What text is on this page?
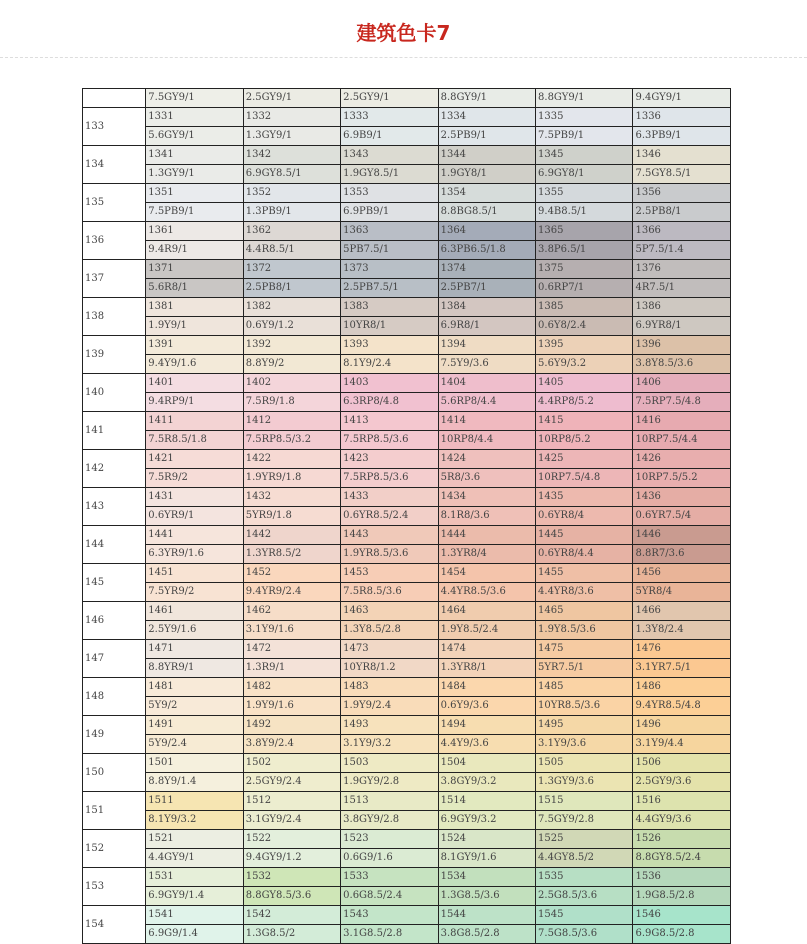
建筑色卡7
	7.5GY9/1	2.5GY9/1	2.5GY9/1	8.8GY9/1	8.8GY9/1	9.4GY9/1
133	1331	1332	1333	1334	1335	1336
	5.6GY9/1	1.3GY9/1	6.9B9/1	2.5PB9/1	7.5PB9/1	6.3PB9/1
134	1341	1342	1343	1344	1345	1346
	1.3GY9/1	6.9GY8.5/1	1.9GY8.5/1	1.9GY8/1	6.9GY8/1	7.5GY8.5/1
135	1351	1352	1353	1354	1355	1356
	7.5PB9/1	1.3PB9/1	6.9PB9/1	8.8BG8.5/1	9.4B8.5/1	2.5PB8/1
136	1361	1362	1363	1364	1365	1366
	9.4R9/1	4.4R8.5/1	5PB7.5/1	6.3PB6.5/1.8	3.8P6.5/1	5P7.5/1.4
137	1371	1372	1373	1374	1375	1376
	5.6R8/1	2.5PB8/1	2.5PB7.5/1	2.5PB7/1	0.6RP7/1	4R7.5/1
138	1381	1382	1383	1384	1385	1386
	1.9Y9/1	0.6Y9/1.2	10YR8/1	6.9R8/1	0.6Y8/2.4	6.9YR8/1
139	1391	1392	1393	1394	1395	1396
	9.4Y9/1.6	8.8Y9/2	8.1Y9/2.4	7.5Y9/3.6	5.6Y9/3.2	3.8Y8.5/3.6
140	1401	1402	1403	1404	1405	1406
	9.4RP9/1	7.5R9/1.8	6.3RP8/4.8	5.6RP8/4.4	4.4RP8/5.2	7.5RP7.5/4.8
141	1411	1412	1413	1414	1415	1416
	7.5R8.5/1.8	7.5RP8.5/3.2	7.5RP8.5/3.6	10RP8/4.4	10RP8/5.2	10RP7.5/4.4
142	1421	1422	1423	1424	1425	1426
	7.5R9/2	1.9YR9/1.8	7.5RP8.5/3.6	5R8/3.6	10RP7.5/4.8	10RP7.5/5.2
143	1431	1432	1433	1434	1435	1436
	0.6YR9/1	5YR9/1.8	0.6YR8.5/2.4	8.1R8/3.6	0.6YR8/4	0.6YR7.5/4
144	1441	1442	1443	1444	1445	1446
	6.3YR9/1.6	1.3YR8.5/2	1.9YR8.5/3.6	1.3YR8/4	0.6YR8/4.4	8.8R7/3.6
145	1451	1452	1453	1454	1455	1456
	7.5YR9/2	9.4YR9/2.4	7.5R8.5/3.6	4.4YR8.5/3.6	4.4YR8/3.6	5YR8/4
146	1461	1462	1463	1464	1465	1466
	2.5Y9/1.6	3.1Y9/1.6	1.3Y8.5/2.8	1.9Y8.5/2.4	1.9Y8.5/3.6	1.3Y8/2.4
147	1471	1472	1473	1474	1475	1476
	8.8YR9/1	1.3R9/1	10YR8/1.2	1.3YR8/1	5YR7.5/1	3.1YR7.5/1
148	1481	1482	1483	1484	1485	1486
	5Y9/2	1.9Y9/1.6	1.9Y9/2.4	0.6Y9/3.6	10YR8.5/3.6	9.4YR8.5/4.8
149	1491	1492	1493	1494	1495	1496
	5Y9/2.4	3.8Y9/2.4	3.1Y9/3.2	4.4Y9/3.6	3.1Y9/3.6	3.1Y9/4.4
150	1501	1502	1503	1504	1505	1506
	8.8Y9/1.4	2.5GY9/2.4	1.9GY9/2.8	3.8GY9/3.2	1.3GY9/3.6	2.5GY9/3.6
151	1511	1512	1513	1514	1515	1516
	8.1Y9/3.2	3.1GY9/2.4	3.8GY9/2.8	6.9GY9/3.2	7.5GY9/2.8	4.4GY9/3.6
152	1521	1522	1523	1524	1525	1526
	4.4GY9/1	9.4GY9/1.2	0.6G9/1.6	8.1GY9/1.6	4.4GY8.5/2	8.8GY8.5/2.4
153	1531	1532	1533	1534	1535	1536
	6.9GY9/1.4	8.8GY8.5/3.6	0.6G8.5/2.4	1.3G8.5/3.6	2.5G8.5/3.6	1.9G8.5/2.8
154	1541	1542	1543	1544	1545	1546
	6.9G9/1.4	1.3G8.5/2	3.1G8.5/2.8	3.8G8.5/2.8	7.5G8.5/3.6	6.9G8.5/2.8
